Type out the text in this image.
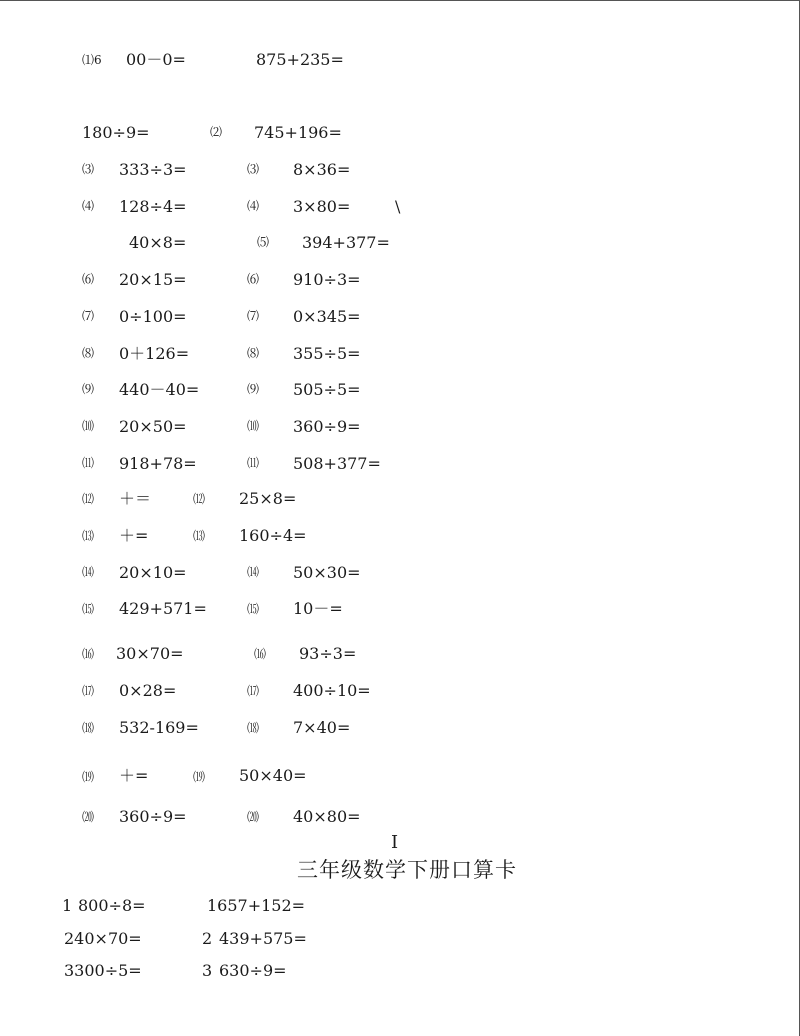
⑴6 00－0=	875+235=
180÷9=	⑵ 745+196=
⑶ 333÷3=	⑶ 8×36=
⑷ 128÷4=	⑷ 3×80=	\
40×8=	⑸ 394+377=
⑹ 20×15=	⑹ 910÷3=
⑺ 0÷100=	⑺ 0×345=
⑻ 0＋126=	⑻ 355÷5=
⑼ 440－40=	⑼ 505÷5=
⑽ 20×50=	⑽ 360÷9=
⑾ 918+78=	⑾ 508+377=
⑿ ＋＝	⑿ 25×8=
⒀ ＋=	⒀ 160÷4=
⒁ 20×10=	⒁ 50×30=
⒂ 429+571=	⒂ 10－=
⒃ 30×70=	⒃ 93÷3=
⒄ 0×28=	⒄ 400÷10=
⒅ 532-169=	⒅ 7×40=
⒆ ＋=	⒆ 50×40=
⒇ 360÷9=	⒇ 40×80=
I
三年级数学下册口算卡
1 800÷8=	1657+152=
240×70=	2 439+575=
3300÷5=	3 630÷9=
